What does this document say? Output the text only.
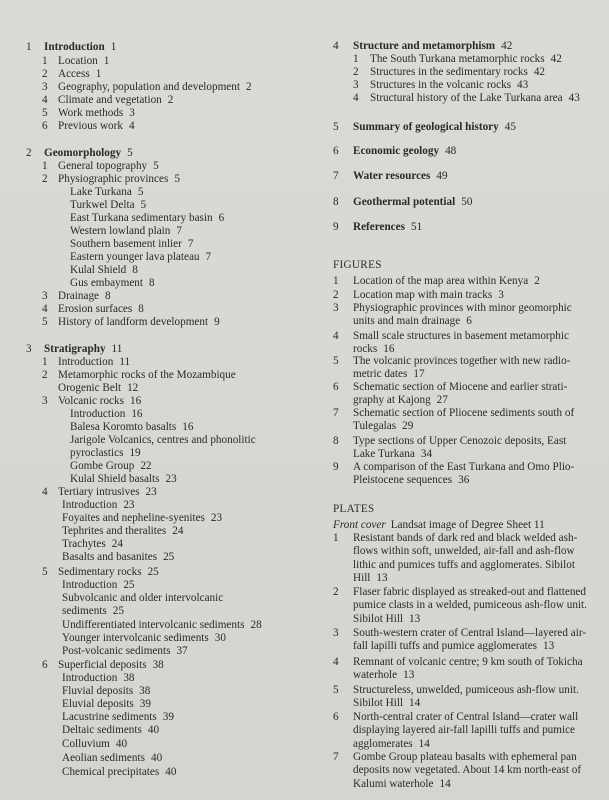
1 Introduction 1
1 Location 1
2 Access 1
3 Geography, population and development 2
4 Climate and vegetation 2
5 Work methods 3
6 Previous work 4
2 Geomorphology 5
1 General topography 5
2 Physiographic provinces 5
Lake Turkana 5
Turkwel Delta 5
East Turkana sedimentary basin 6
Western lowland plain 7
Southern basement inlier 7
Eastern younger lava plateau 7
Kulal Shield 8
Gus embayment 8
3 Drainage 8
4 Erosion surfaces 8
5 History of landform development 9
3 Stratigraphy 11
1 Introduction 11
2 Metamorphic rocks of the Mozambique
Orogenic Belt 12
3 Volcanic rocks 16
Introduction 16
Balesa Koromto basalts 16
Jarigole Volcanics, centres and phonolitic
pyroclastics 19
Gombe Group 22
Kulal Shield basalts 23
4 Tertiary intrusives 23
Introduction 23
Foyaites and nepheline-syenites 23
Tephrites and theralites 24
Trachytes 24
Basalts and basanites 25
5 Sedimentary rocks 25
Introduction 25
Subvolcanic and older intervolcanic
sediments 25
Undifferentiated intervolcanic sediments 28
Younger intervolcanic sediments 30
Post-volcanic sediments 37
6 Superficial deposits 38
Introduction 38
Fluvial deposits 38
Eluvial deposits 39
Lacustrine sediments 39
Deltaic sediments 40
Colluvium 40
Aeolian sediments 40
Chemical precipitates 40
4 Structure and metamorphism 42
1 The South Turkana metamorphic rocks 42
2 Structures in the sedimentary rocks 42
3 Structures in the volcanic rocks 43
4 Structural history of the Lake Turkana area 43
5 Summary of geological history 45
6 Economic geology 48
7 Water resources 49
8 Geothermal potential 50
9 References 51
FIGURES
1 Location of the map area within Kenya 2
2 Location map with main tracks 3
3 Physiographic provinces with minor geomorphic
units and main drainage 6
4 Small scale structures in basement metamorphic
rocks 16
5 The volcanic provinces together with new radio-
metric dates 17
6 Schematic section of Miocene and earlier strati-
graphy at Kajong 27
7 Schematic section of Pliocene sediments south of
Tulegalas 29
8 Type sections of Upper Cenozoic deposits, East
Lake Turkana 34
9 A comparison of the East Turkana and Omo Plio-
Pleistocene sequences 36
PLATES
Front cover Landsat image of Degree Sheet 11
1 Resistant bands of dark red and black welded ash-
flows within soft, unwelded, air-fall and ash-flow
lithic and pumices tuffs and agglomerates. Sibilot
Hill 13
2 Flaser fabric displayed as streaked-out and flattened
pumice clasts in a welded, pumiceous ash-flow unit.
Sibilot Hill 13
3 South-western crater of Central Island—layered air-
fall lapilli tuffs and pumice agglomerates 13
4 Remnant of volcanic centre; 9 km south of Tokicha
waterhole 13
5 Structureless, unwelded, pumiceous ash-flow unit.
Sibilot Hill 14
6 North-central crater of Central Island—crater wall
displaying layered air-fall lapilli tuffs and pumice
agglomerates 14
7 Gombe Group plateau basalts with ephemeral pan
deposits now vegetated. About 14 km north-east of
Kalumi waterhole 14
